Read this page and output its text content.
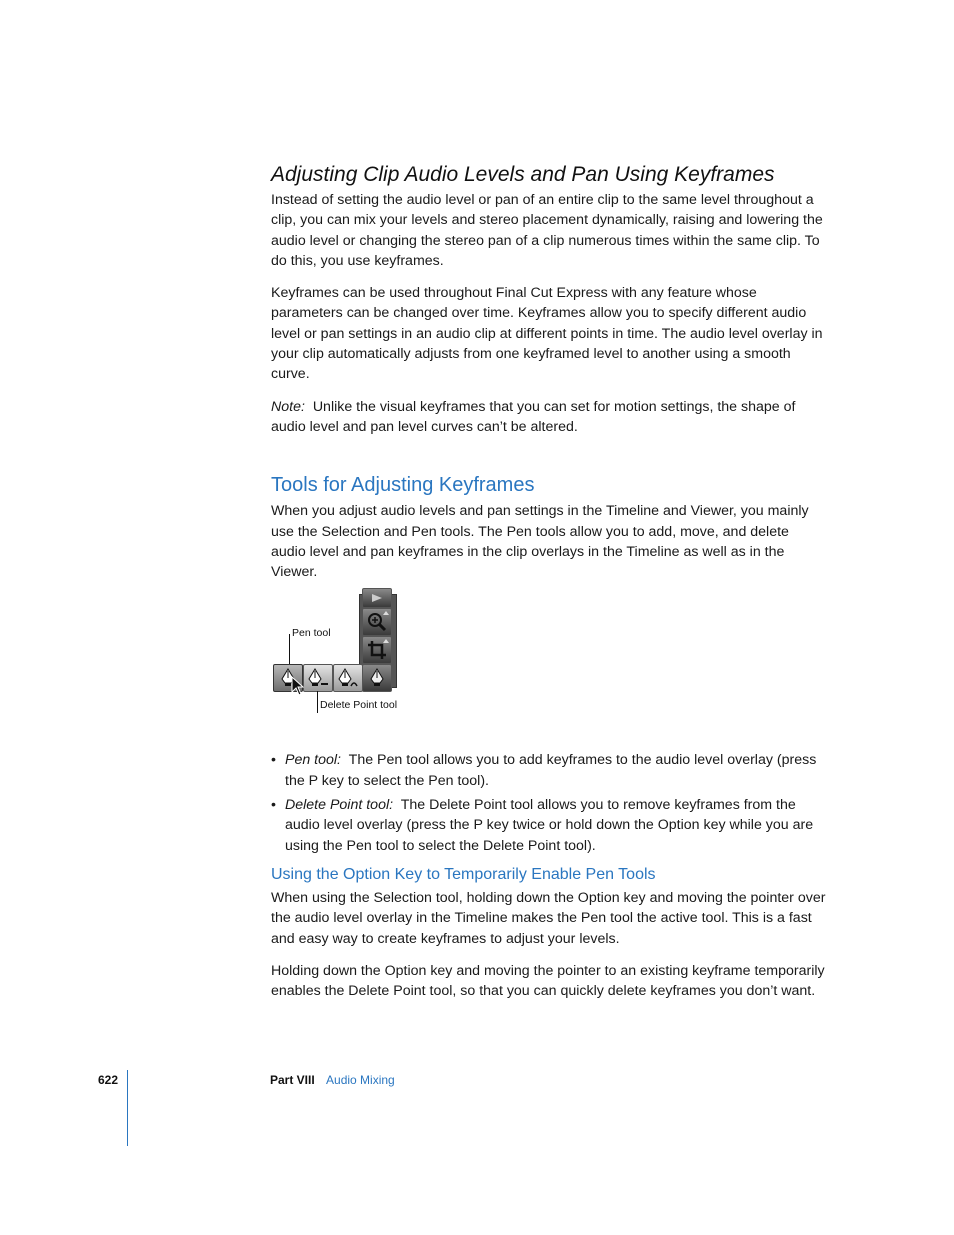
Adjusting Clip Audio Levels and Pan Using Keyframes

Instead of setting the audio level or pan of an entire clip to the same level throughout a clip, you can mix your levels and stereo placement dynamically, raising and lowering the audio level or changing the stereo pan of a clip numerous times within the same clip. To do this, you use keyframes.

Keyframes can be used throughout Final Cut Express with any feature whose parameters can be changed over time. Keyframes allow you to specify different audio level or pan settings in an audio clip at different points in time. The audio level overlay in your clip automatically adjusts from one keyframed level to another using a smooth curve.

Note: Unlike the visual keyframes that you can set for motion settings, the shape of audio level and pan level curves can’t be altered.

Tools for Adjusting Keyframes

When you adjust audio levels and pan settings in the Timeline and Viewer, you mainly use the Selection and Pen tools. The Pen tools allow you to add, move, and delete audio level and pan keyframes in the clip overlays in the Timeline as well as in the Viewer.

Pen tool
Delete Point tool
• Pen tool: The Pen tool allows you to add keyframes to the audio level overlay (press the P key to select the Pen tool).
• Delete Point tool: The Delete Point tool allows you to remove keyframes from the audio level overlay (press the P key twice or hold down the Option key while you are using the Pen tool to select the Delete Point tool).
Using the Option Key to Temporarily Enable Pen Tools

When using the Selection tool, holding down the Option key and moving the pointer over the audio level overlay in the Timeline makes the Pen tool the active tool. This is a fast and easy way to create keyframes to adjust your levels.

Holding down the Option key and moving the pointer to an existing keyframe temporarily enables the Delete Point tool, so that you can quickly delete keyframes you don’t want.

622	Part VIII Audio Mixing
